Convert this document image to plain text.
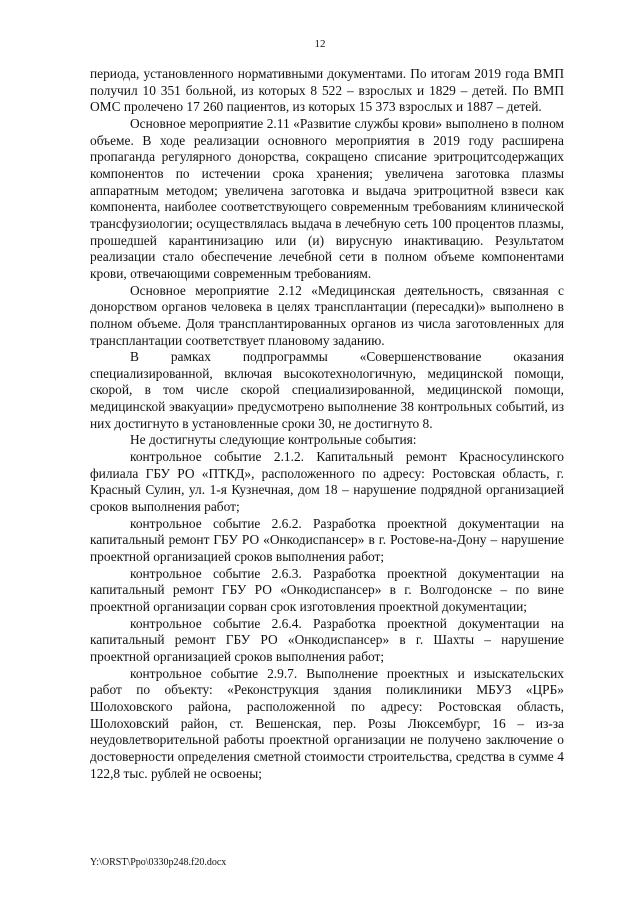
12

периода, установленного нормативными документами. По итогам 2019 года ВМП получил 10 351 больной, из которых 8 522 – взрослых и 1829 – детей. По ВМП ОМС пролечено 17 260 пациентов, из которых 15 373 взрослых и 1887 – детей.

Основное мероприятие 2.11 «Развитие службы крови» выполнено в полном объеме. В ходе реализации основного мероприятия в 2019 году расширена пропаганда регулярного донорства, сокращено списание эритроцитсодержащих компонентов по истечении срока хранения; увеличена заготовка плазмы аппаратным методом; увеличена заготовка и выдача эритроцитной взвеси как компонента, наиболее соответствующего современным требованиям клинической трансфузиологии; осуществлялась выдача в лечебную сеть 100 процентов плазмы, прошедшей карантинизацию или (и) вирусную инактивацию. Результатом реализации стало обеспечение лечебной сети в полном объеме компонентами крови, отвечающими современным требованиям.

Основное мероприятие 2.12 «Медицинская деятельность, связанная с донорством органов человека в целях трансплантации (пересадки)» выполнено в полном объеме. Доля трансплантированных органов из числа заготовленных для трансплантации соответствует плановому заданию.

В рамках подпрограммы «Совершенствование оказания специализированной, включая высокотехнологичную, медицинской помощи, скорой, в том числе скорой специализированной, медицинской помощи, медицинской эвакуации» предусмотрено выполнение 38 контрольных событий, из них достигнуто в установленные сроки 30, не достигнуто 8.

Не достигнуты следующие контрольные события:

контрольное событие 2.1.2. Капитальный ремонт Красносулинского филиала ГБУ РО «ПТКД», расположенного по адресу: Ростовская область, г. Красный Сулин, ул. 1-я Кузнечная, дом 18 – нарушение подрядной организацией сроков выполнения работ;

контрольное событие 2.6.2. Разработка проектной документации на капитальный ремонт ГБУ РО «Онкодиспансер» в г. Ростове-на-Дону – нарушение проектной организацией сроков выполнения работ;

контрольное событие 2.6.3. Разработка проектной документации на капитальный ремонт ГБУ РО «Онкодиспансер» в г. Волгодонске – по вине проектной организации сорван срок изготовления проектной документации;

контрольное событие 2.6.4. Разработка проектной документации на капитальный ремонт ГБУ РО «Онкодиспансер» в г. Шахты – нарушение проектной организацией сроков выполнения работ;

контрольное событие 2.9.7. Выполнение проектных и изыскательских работ по объекту: «Реконструкция здания поликлиники МБУЗ «ЦРБ» Шолоховского района, расположенной по адресу: Ростовская область, Шолоховский район, ст. Вешенская, пер. Розы Люксембург, 16 – из-за неудовлетворительной работы проектной организации не получено заключение о достоверности определения сметной стоимости строительства, средства в сумме 4 122,8 тыс. рублей не освоены;

Y:\ORST\Ppo\0330p248.f20.docx
